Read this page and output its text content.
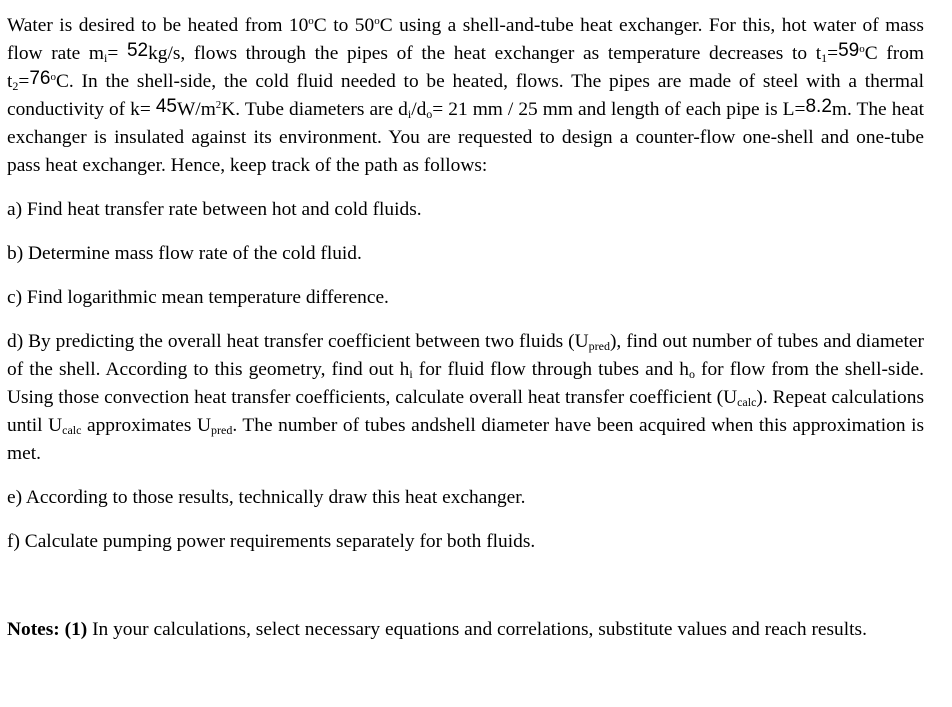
Water is desired to be heated from 10$^o$C to 50$^o$C using a shell-and-tube heat exchanger. For this, hot water of mass flow rate $m_i= 52kg/s$, flows through the pipes of the heat exchanger as temperature decreases to $t_1=59^oC$ from $t_2=76^oC$. In the shell-side, the cold fluid needed to be heated, flows. The pipes are made of steel with a thermal conductivity of $k= 45W/m^2K$. Tube diameters are $d_i/d_o= 21$ mm / 25 mm and length of each pipe is L=8.2m. The heat exchanger is insulated against its environment. You are requested to design a counter-flow one-shell and one-tube pass heat exchanger. Hence, keep track of the path as follows:

a) Find heat transfer rate between hot and cold fluids.

b) Determine mass flow rate of the cold fluid.

c) Find logarithmic mean temperature difference.

d) By predicting the overall heat transfer coefficient between two fluids $(U_{pred})$, find out number of tubes and diameter of the shell. According to this geometry, find out $h_i$ for fluid flow through tubes and $h_o$ for flow from the shell-side. Using those convection heat transfer coefficients, calculate overall heat transfer coefficient $(U_{calc})$. Repeat calculations until $U_{calc}$ approximates $U_{pred}$. The number of tubes andshell diameter have been acquired when this approximation is met.

e) According to those results, technically draw this heat exchanger.

f) Calculate pumping power requirements separately for both fluids.

Notes: (1) In your calculations, select necessary equations and correlations, substitute values and reach results.
